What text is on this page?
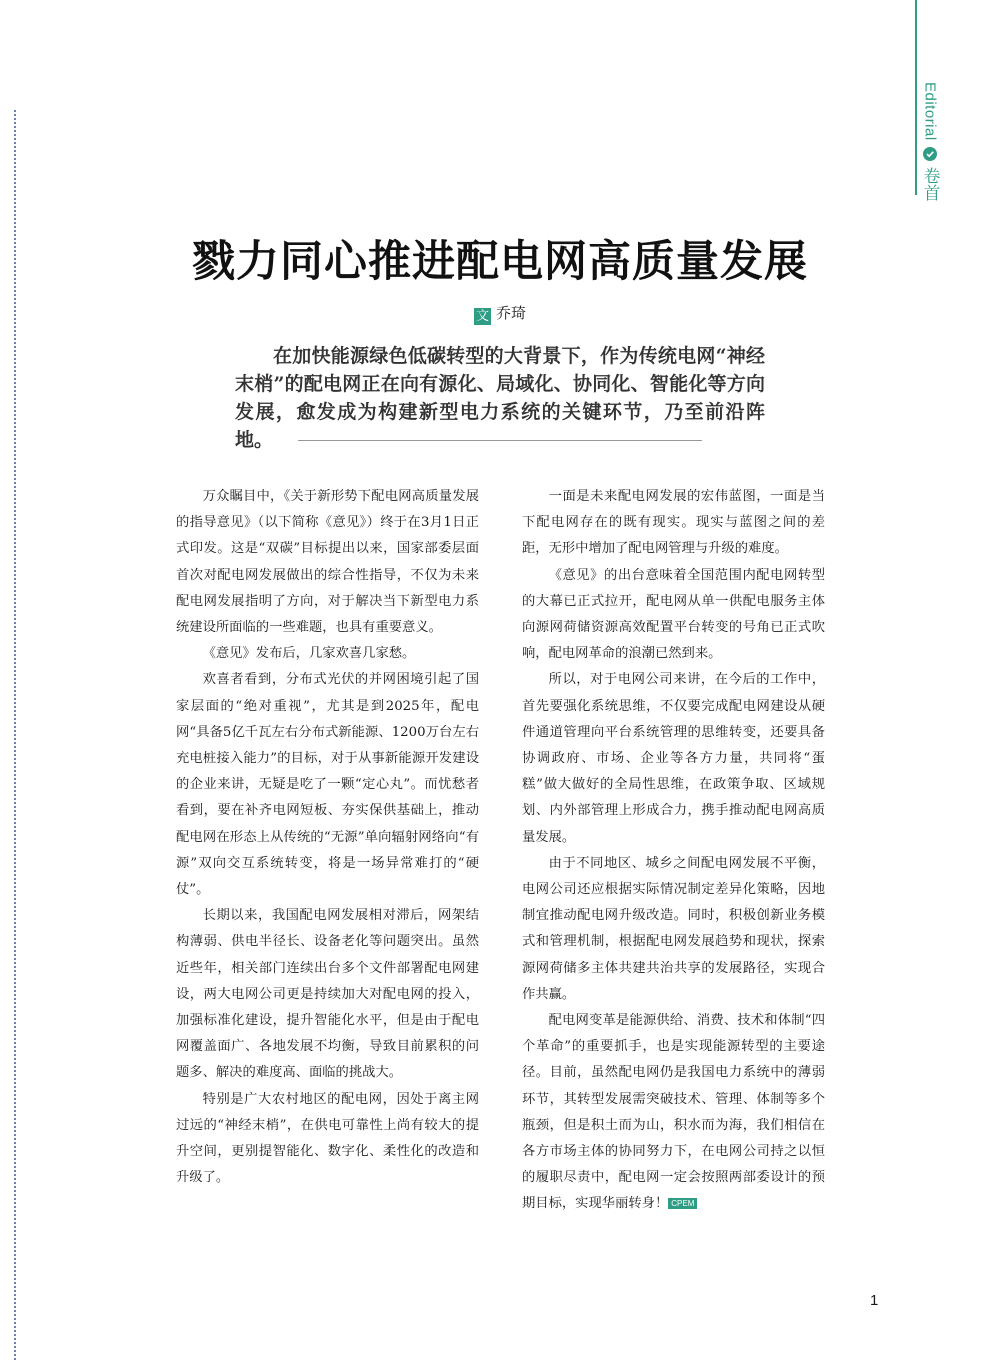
Editorial
卷首
戮力同心推进配电网高质量发展
文 乔琦

在加快能源绿色低碳转型的大背景下，作为传统电网“神经末梢”的配电网正在向有源化、局域化、协同化、智能化等方向发展，愈发成为构建新型电力系统的关键环节，乃至前沿阵地。

万众瞩目中，《关于新形势下配电网高质量发展的指导意见》（以下简称《意见》）终于在3月1日正式印发。这是“双碳”目标提出以来，国家部委层面首次对配电网发展做出的综合性指导，不仅为未来配电网发展指明了方向，对于解决当下新型电力系统建设所面临的一些难题，也具有重要意义。

《意见》发布后，几家欢喜几家愁。

欢喜者看到，分布式光伏的并网困境引起了国家层面的“绝对重视”，尤其是到2025年，配电网“具备5亿千瓦左右分布式新能源、1200万台左右充电桩接入能力”的目标，对于从事新能源开发建设的企业来讲，无疑是吃了一颗“定心丸”。而忧愁者看到，要在补齐电网短板、夯实保供基础上，推动配电网在形态上从传统的“无源”单向辐射网络向“有源”双向交互系统转变，将是一场异常难打的“硬仗”。

长期以来，我国配电网发展相对滞后，网架结构薄弱、供电半径长、设备老化等问题突出。虽然近些年，相关部门连续出台多个文件部署配电网建设，两大电网公司更是持续加大对配电网的投入，加强标准化建设，提升智能化水平，但是由于配电网覆盖面广、各地发展不均衡，导致目前累积的问题多、解决的难度高、面临的挑战大。

特别是广大农村地区的配电网，因处于离主网过远的“神经末梢”，在供电可靠性上尚有较大的提升空间，更别提智能化、数字化、柔性化的改造和升级了。

一面是未来配电网发展的宏伟蓝图，一面是当下配电网存在的既有现实。现实与蓝图之间的差距，无形中增加了配电网管理与升级的难度。

《意见》的出台意味着全国范围内配电网转型的大幕已正式拉开，配电网从单一供配电服务主体向源网荷储资源高效配置平台转变的号角已正式吹响，配电网革命的浪潮已然到来。

所以，对于电网公司来讲，在今后的工作中，首先要强化系统思维，不仅要完成配电网建设从硬件通道管理向平台系统管理的思维转变，还要具备协调政府、市场、企业等各方力量，共同将“蛋糕”做大做好的全局性思维，在政策争取、区域规划、内外部管理上形成合力，携手推动配电网高质量发展。

由于不同地区、城乡之间配电网发展不平衡，电网公司还应根据实际情况制定差异化策略，因地制宜推动配电网升级改造。同时，积极创新业务模式和管理机制，根据配电网发展趋势和现状，探索源网荷储多主体共建共治共享的发展路径，实现合作共赢。

配电网变革是能源供给、消费、技术和体制“四个革命”的重要抓手，也是实现能源转型的主要途径。目前，虽然配电网仍是我国电力系统中的薄弱环节，其转型发展需突破技术、管理、体制等多个瓶颈，但是积土而为山，积水而为海，我们相信在各方市场主体的协同努力下，在电网公司持之以恒的履职尽责中，配电网一定会按照两部委设计的预期目标，实现华丽转身！ CPEM

1
